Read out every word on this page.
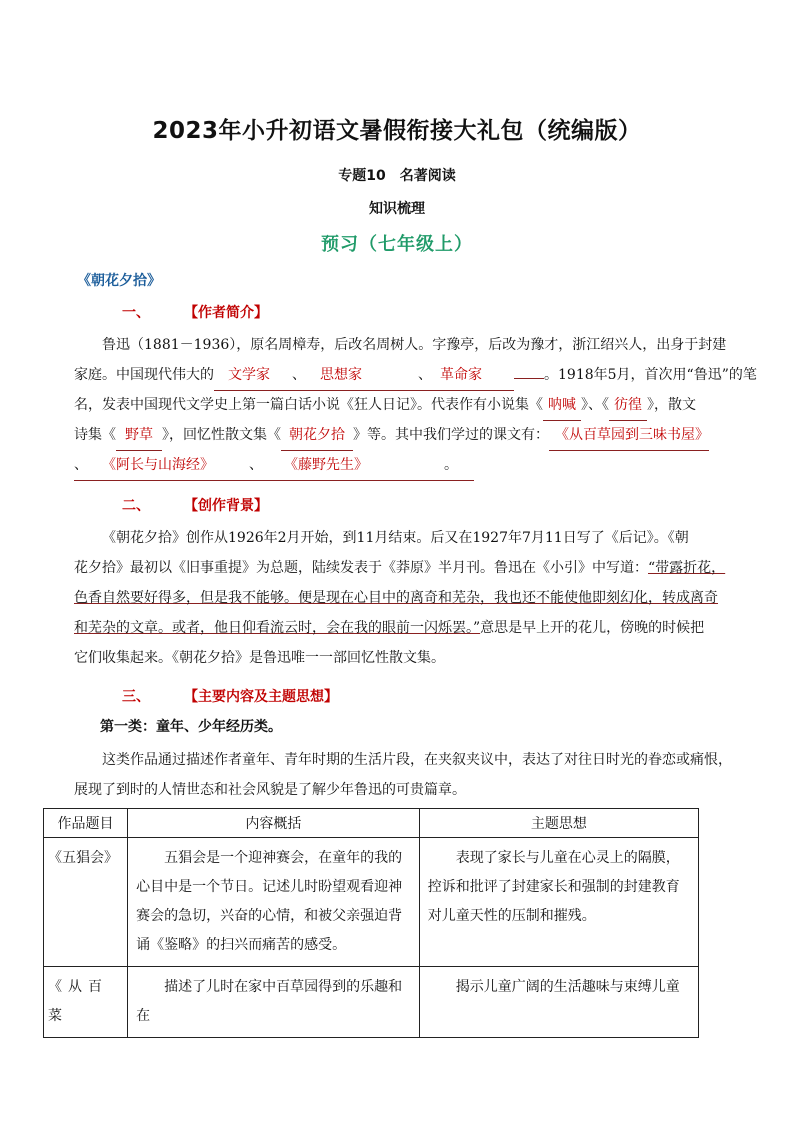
2023年小升初语文暑假衔接大礼包（统编版）
专题10　名著阅读
知识梳理
预习（七年级上）
《朝花夕拾》
一、 【作者简介】
鲁迅（1881－1936），原名周樟寿，后改名周树人。字豫亭，后改为豫才，浙江绍兴人，出身于封建
家庭。中国现代伟大的 文学家 、 思想家	、 革命家	。1918年5月，首次用“鲁迅”的笔
名，发表中国现代文学史上第一篇白话小说《狂人日记》。代表作有小说集《 呐喊 》、《 彷徨 》，散文
诗集《 野草 》，回忆性散文集《 朝花夕拾 》等。其中我们学过的课文有： 《从百草园到三味书屋》
、 《阿长与山海经》	、 《藤野先生》	。
二、 【创作背景】
《朝花夕拾》创作从1926年2月开始，到11月结束。后又在1927年7月11日写了《后记》。《朝
花夕拾》最初以《旧事重提》为总题，陆续发表于《莽原》半月刊。鲁迅在《小引》中写道：“带露折花，
色香自然要好得多，但是我不能够。便是现在心目中的离奇和芜杂，我也还不能使他即刻幻化，转成离奇
和芜杂的文章。或者，他日仰看流云时，会在我的眼前一闪烁罢。”意思是早上开的花儿，傍晚的时候把
它们收集起来。《朝花夕拾》是鲁迅唯一一部回忆性散文集。
三、 【主要内容及主题思想】
第一类：童年、少年经历类。
这类作品通过描述作者童年、青年时期的生活片段，在夹叙夹议中，表达了对往日时光的眷恋或痛恨，
展现了到时的人情世态和社会风貌是了解少年鲁迅的可贵篇章。
作品题目	内容概括	主题思想
《五猖会》	五猖会是一个迎神赛会，在童年的我的心目中是一个节日。记述儿时盼望观看迎神赛会的急切，兴奋的心情，和被父亲强迫背诵《鉴略》的扫兴而痛苦的感受。	表现了家长与儿童在心灵上的隔膜，控诉和批评了封建家长和强制的封建教育对儿童天性的压制和摧残。
《从百菜	描述了儿时在家中百草园得到的乐趣和在	揭示儿童广阔的生活趣味与束缚儿童
